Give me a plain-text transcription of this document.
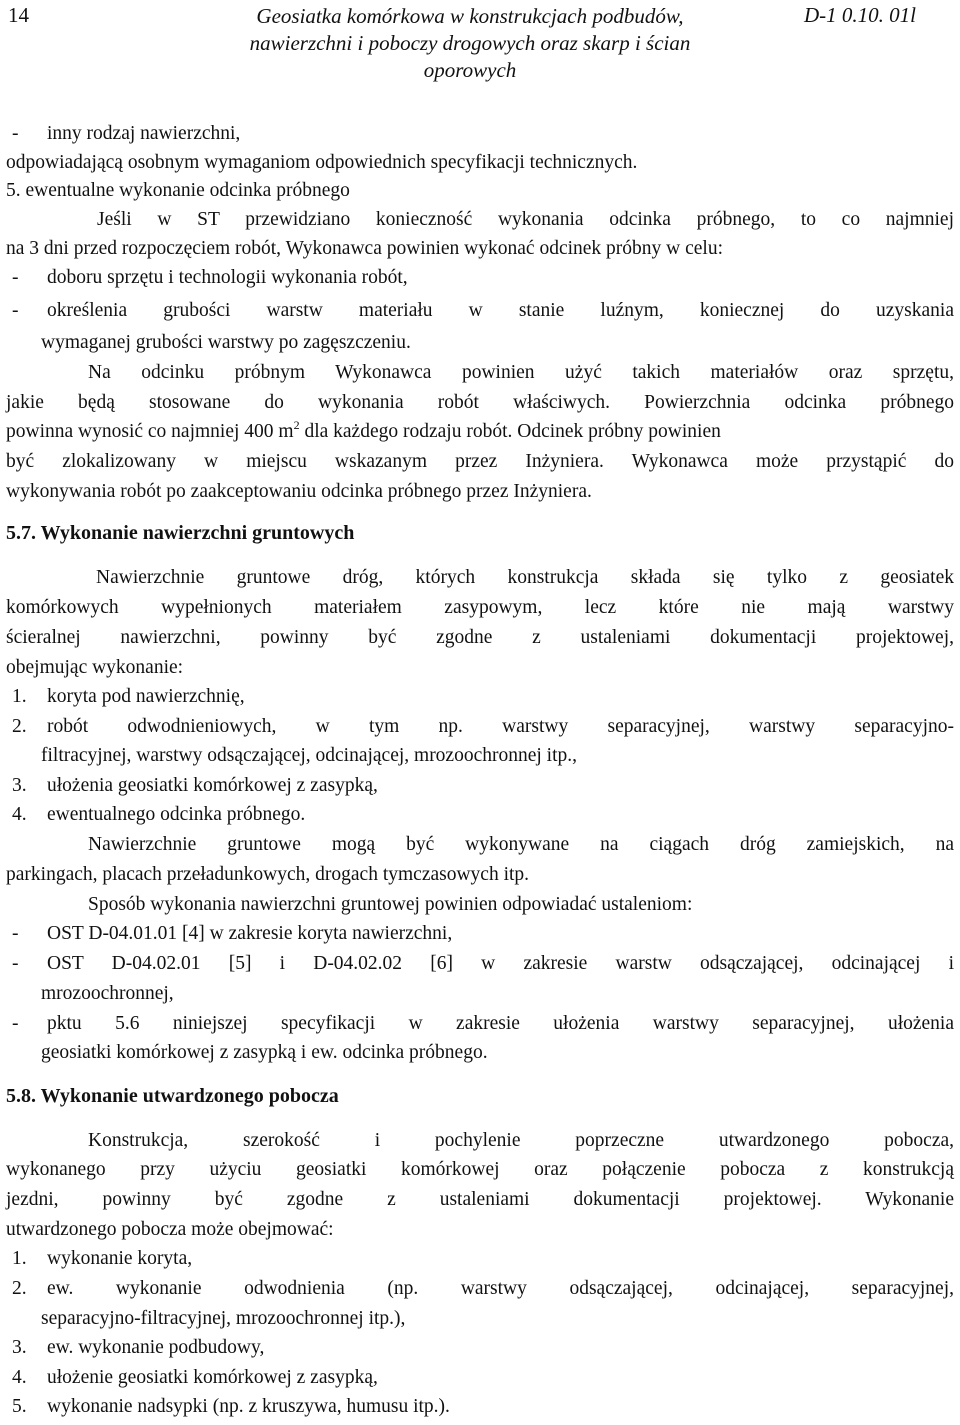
14	Geosiatka komórkowa w konstrukcjach podbudów,
nawierzchni i poboczy drogowych oraz skarp i ścian
oporowych
D-1 0.10. 01l
- inny rodzaj nawierzchni,
odpowiadającą osobnym wymaganiom odpowiednich specyfikacji technicznych.
5. ewentualne wykonanie odcinka próbnego
Jeśli w ST przewidziano konieczność wykonania odcinka próbnego, to co najmniej
na 3 dni przed rozpoczęciem robót, Wykonawca powinien wykonać odcinek próbny w celu:
- doboru sprzętu i technologii wykonania robót,
- określenia grubości warstw materiału w stanie luźnym, koniecznej do uzyskania
wymaganej grubości warstwy po zagęszczeniu.
Na odcinku próbnym Wykonawca powinien użyć takich materiałów oraz sprzętu,
jakie będą stosowane do wykonania robót właściwych. Powierzchnia odcinka próbnego
powinna wynosić co najmniej 400 $m^2$ dla każdego rodzaju robót. Odcinek próbny powinien
być zlokalizowany w miejscu wskazanym przez Inżyniera. Wykonawca może przystąpić do
wykonywania robót po zaakceptowaniu odcinka próbnego przez Inżyniera.
5.7. Wykonanie nawierzchni gruntowych
Nawierzchnie gruntowe dróg, których konstrukcja składa się tylko z geosiatek
komórkowych wypełnionych materiałem zasypowym, lecz które nie mają warstwy
ścieralnej nawierzchni, powinny być zgodne z ustaleniami dokumentacji projektowej,
obejmując wykonanie:
1. koryta pod nawierzchnię,
2. robót odwodnieniowych, w tym np. warstwy separacyjnej, warstwy separacyjno-
filtracyjnej, warstwy odsączającej, odcinającej, mrozoochronnej itp.,
3. ułożenia geosiatki komórkowej z zasypką,
4. ewentualnego odcinka próbnego.
Nawierzchnie gruntowe mogą być wykonywane na ciągach dróg zamiejskich, na
parkingach, placach przeładunkowych, drogach tymczasowych itp.
Sposób wykonania nawierzchni gruntowej powinien odpowiadać ustaleniom:
- OST D-04.01.01 [4] w zakresie koryta nawierzchni,
- OST D-04.02.01 [5] i D-04.02.02 [6] w zakresie warstw odsączającej, odcinającej i
mrozoochronnej,
- pktu 5.6 niniejszej specyfikacji w zakresie ułożenia warstwy separacyjnej, ułożenia
geosiatki komórkowej z zasypką i ew. odcinka próbnego.
5.8. Wykonanie utwardzonego pobocza
Konstrukcja, szerokość i pochylenie poprzeczne utwardzonego pobocza,
wykonanego przy użyciu geosiatki komórkowej oraz połączenie pobocza z konstrukcją
jezdni, powinny być zgodne z ustaleniami dokumentacji projektowej. Wykonanie
utwardzonego pobocza może obejmować:
1. wykonanie koryta,
2. ew. wykonanie odwodnienia (np. warstwy odsączającej, odcinającej, separacyjnej,
separacyjno-filtracyjnej, mrozoochronnej itp.),
3. ew. wykonanie podbudowy,
4. ułożenie geosiatki komórkowej z zasypką,
5. wykonanie nadsypki (np. z kruszywa, humusu itp.).
